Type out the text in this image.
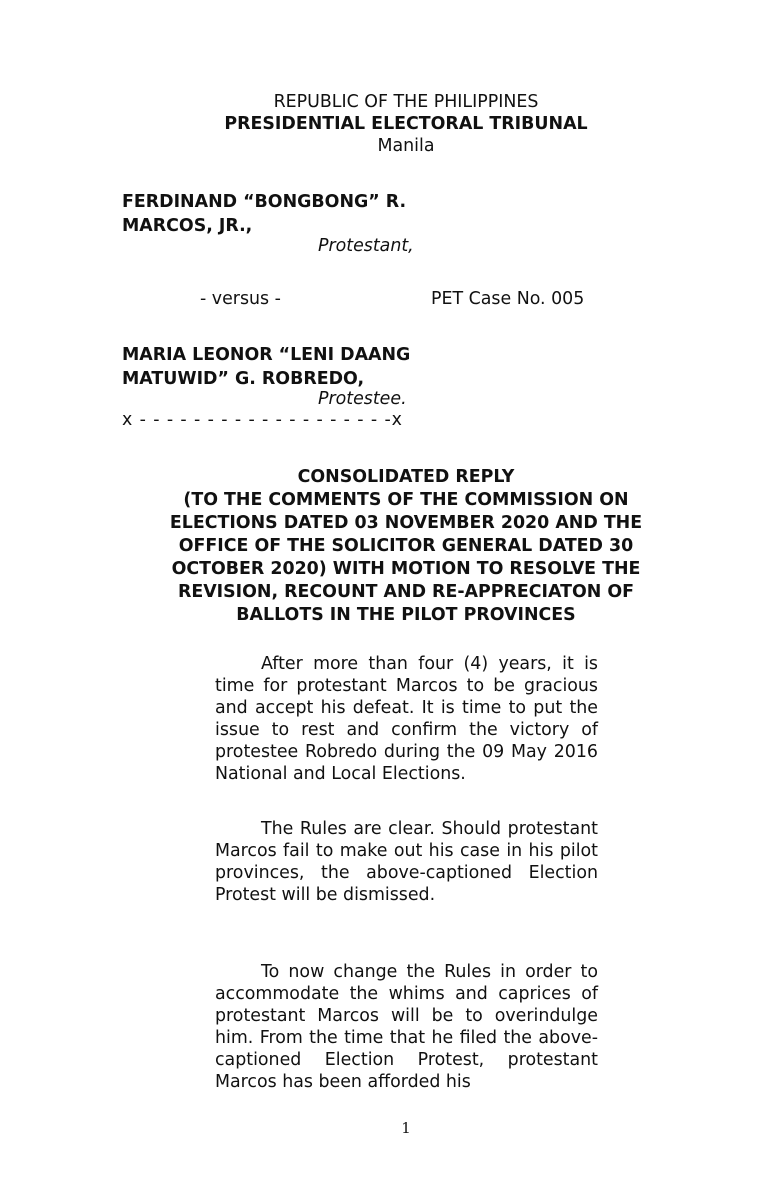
REPUBLIC OF THE PHILIPPINES
PRESIDENTIAL ELECTORAL TRIBUNAL
Manila
FERDINAND “BONGBONG” R.
MARCOS, JR.,
Protestant,
- versus -	PET Case No. 005
MARIA LEONOR “LENI DAANG
MATUWID” G. ROBREDO,
Protestee.
x - - - - - - - - - - - - - - - - - - -x
CONSOLIDATED REPLY
(TO THE COMMENTS OF THE COMMISSION ON
ELECTIONS DATED 03 NOVEMBER 2020 AND THE
OFFICE OF THE SOLICITOR GENERAL DATED 30
OCTOBER 2020) WITH MOTION TO RESOLVE THE
REVISION, RECOUNT AND RE-APPRECIATON OF
BALLOTS IN THE PILOT PROVINCES

After more than four (4) years, it is time for protestant Marcos to be gracious and accept his defeat. It is time to put the issue to rest and confirm the victory of protestee Robredo during the 09 May 2016 National and Local Elections.

The Rules are clear. Should protestant Marcos fail to make out his case in his pilot provinces, the above-captioned Election Protest will be dismissed.

To now change the Rules in order to accommodate the whims and caprices of protestant Marcos will be to overindulge him. From the time that he filed the above-captioned Election Protest, protestant Marcos has been afforded his

1
